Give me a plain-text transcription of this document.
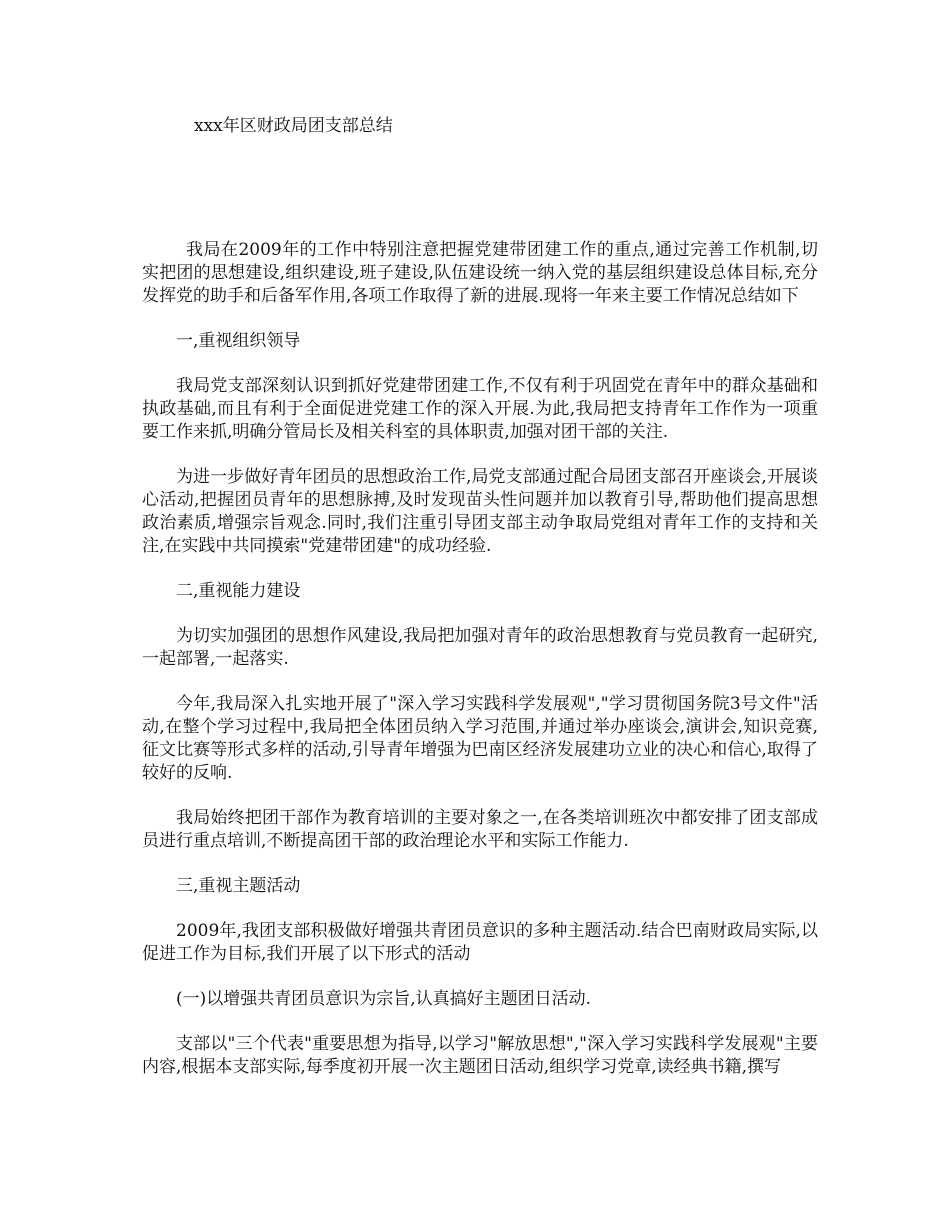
xxx年区财政局团支部总结

我局在2009年的工作中特别注意把握党建带团建工作的重点,通过完善工作机制,切实把团的思想建设,组织建设,班子建设,队伍建设统一纳入党的基层组织建设总体目标,充分发挥党的助手和后备军作用,各项工作取得了新的进展.现将一年来主要工作情况总结如下

一,重视组织领导

我局党支部深刻认识到抓好党建带团建工作,不仅有利于巩固党在青年中的群众基础和执政基础,而且有利于全面促进党建工作的深入开展.为此,我局把支持青年工作作为一项重要工作来抓,明确分管局长及相关科室的具体职责,加强对团干部的关注.

为进一步做好青年团员的思想政治工作,局党支部通过配合局团支部召开座谈会,开展谈心活动,把握团员青年的思想脉搏,及时发现苗头性问题并加以教育引导,帮助他们提高思想政治素质,增强宗旨观念.同时,我们注重引导团支部主动争取局党组对青年工作的支持和关注,在实践中共同摸索"党建带团建"的成功经验.

二,重视能力建设

为切实加强团的思想作风建设,我局把加强对青年的政治思想教育与党员教育一起研究,一起部署,一起落实.

今年,我局深入扎实地开展了"深入学习实践科学发展观","学习贯彻国务院3号文件"活动,在整个学习过程中,我局把全体团员纳入学习范围,并通过举办座谈会,演讲会,知识竞赛,征文比赛等形式多样的活动,引导青年增强为巴南区经济发展建功立业的决心和信心,取得了较好的反响.

我局始终把团干部作为教育培训的主要对象之一,在各类培训班次中都安排了团支部成员进行重点培训,不断提高团干部的政治理论水平和实际工作能力.

三,重视主题活动

2009年,我团支部积极做好增强共青团员意识的多种主题活动.结合巴南财政局实际,以促进工作为目标,我们开展了以下形式的活动

(一)以增强共青团员意识为宗旨,认真搞好主题团日活动.

支部以"三个代表"重要思想为指导,以学习"解放思想","深入学习实践科学发展观"主要内容,根据本支部实际,每季度初开展一次主题团日活动,组织学习党章,读经典书籍,撰写
